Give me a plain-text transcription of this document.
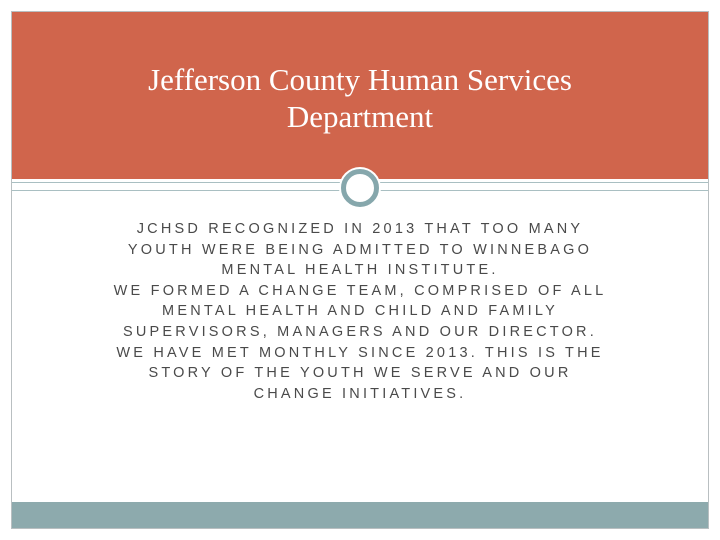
Jefferson County Human Services Department

JCHSD RECOGNIZED IN 2013 THAT TOO MANY YOUTH WERE BEING ADMITTED TO WINNEBAGO MENTAL HEALTH INSTITUTE.

WE FORMED A CHANGE TEAM, COMPRISED OF ALL MENTAL HEALTH AND CHILD AND FAMILY SUPERVISORS, MANAGERS AND OUR DIRECTOR.

WE HAVE MET MONTHLY SINCE 2013. THIS IS THE STORY OF THE YOUTH WE SERVE AND OUR CHANGE INITIATIVES.
